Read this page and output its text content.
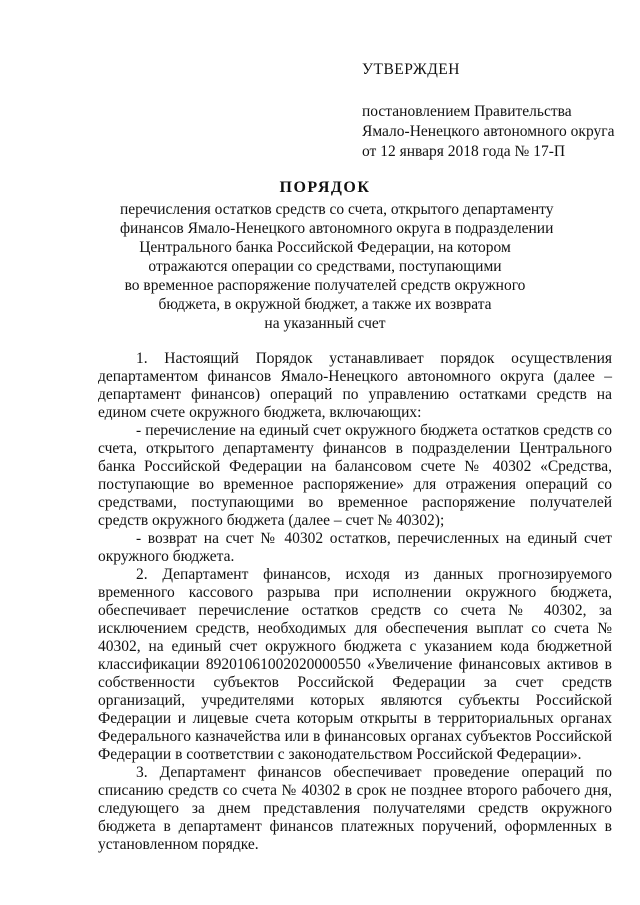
УТВЕРЖДЕН
постановлением Правительства
Ямало-Ненецкого автономного округа
от 12 января 2018 года № 17-П
ПОРЯДОК
перечисления остатков средств со счета, открытого департаменту
финансов Ямало-Ненецкого автономного округа в подразделении
Центрального банка Российской Федерации, на котором
отражаются операции со средствами, поступающими
во временное распоряжение получателей средств окружного
бюджета, в окружной бюджет, а также их возврата
на указанный счет

1. Настоящий Порядок устанавливает порядок осуществления департаментом финансов Ямало-Ненецкого автономного округа (далее – департамент финансов) операций по управлению остатками средств на едином счете окружного бюджета, включающих:

- перечисление на единый счет окружного бюджета остатков средств со счета, открытого департаменту финансов в подразделении Центрального банка Российской Федерации на балансовом счете № 40302 «Средства, поступающие во временное распоряжение» для отражения операций со средствами, поступающими во временное распоряжение получателей средств окружного бюджета (далее – счет № 40302);

- возврат на счет № 40302 остатков, перечисленных на единый счет окружного бюджета.

2. Департамент финансов, исходя из данных прогнозируемого временного кассового разрыва при исполнении окружного бюджета, обеспечивает перечисление остатков средств со счета № 40302, за исключением средств, необходимых для обеспечения выплат со счета № 40302, на единый счет окружного бюджета с указанием кода бюджетной классификации 89201061002020000550 «Увеличение финансовых активов в собственности субъектов Российской Федерации за счет средств организаций, учредителями которых являются субъекты Российской Федерации и лицевые счета которым открыты в территориальных органах Федерального казначейства или в финансовых органах субъектов Российской Федерации в соответствии с законодательством Российской Федерации».

3. Департамент финансов обеспечивает проведение операций по списанию средств со счета № 40302 в срок не позднее второго рабочего дня, следующего за днем представления получателями средств окружного бюджета в департамент финансов платежных поручений, оформленных в установленном порядке.
